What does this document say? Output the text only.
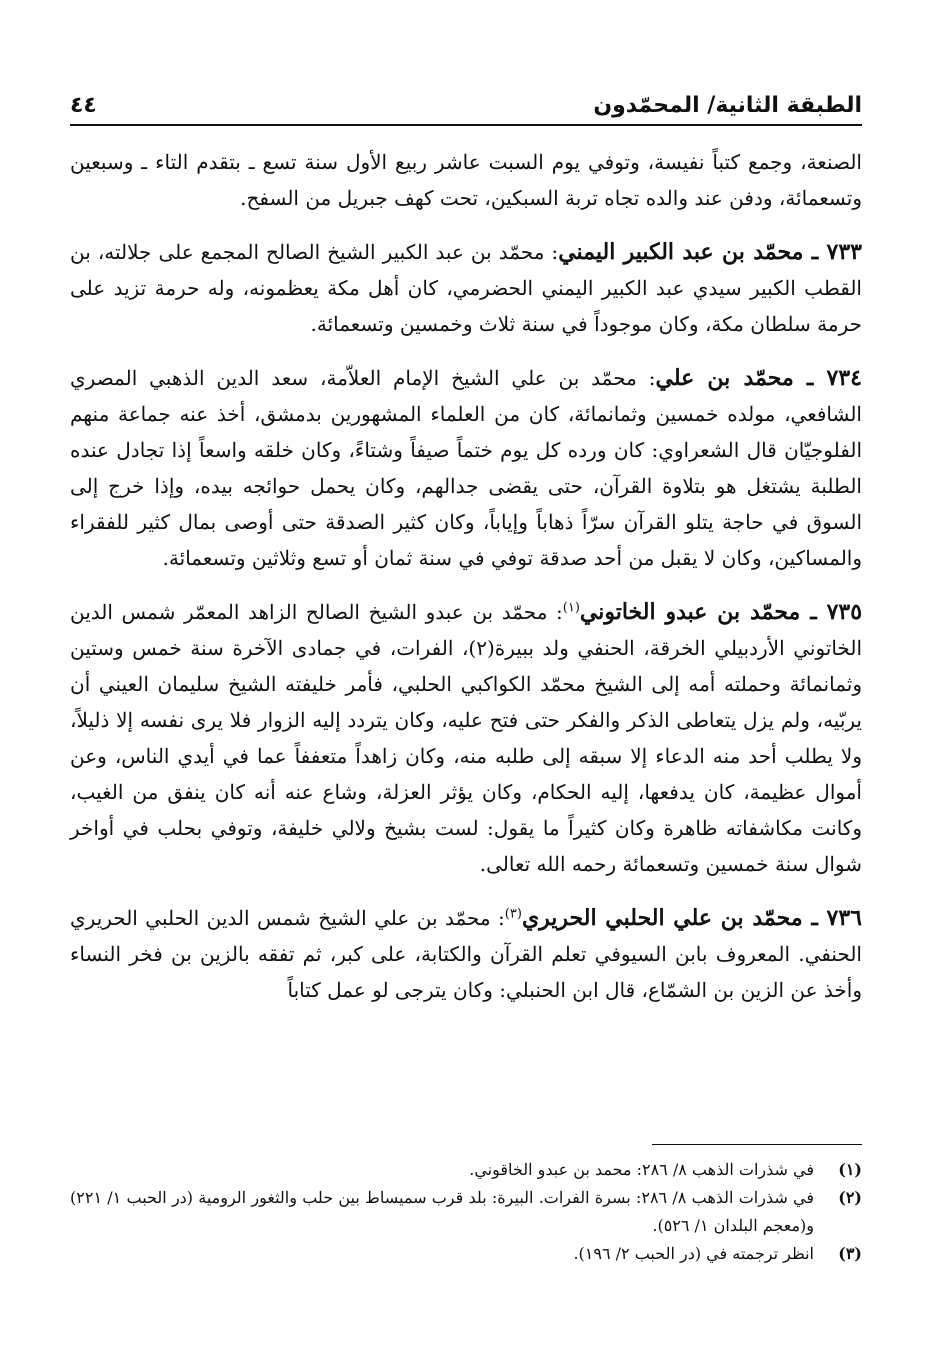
الطبقة الثانية/ المحمّدون
٤٤

الصنعة، وجمع كتباً نفيسة، وتوفي يوم السبت عاشر ربيع الأول سنة تسع ـ بتقدم التاء ـ وسبعين وتسعمائة، ودفن عند والده تجاه تربة السبكين، تحت كهف جبريل من السفح.

٧٣٣ ـ محمّد بن عبد الكبير اليمني: محمّد بن عبد الكبير الشيخ الصالح المجمع على جلالته، بن القطب الكبير سيدي عبد الكبير اليمني الحضرمي، كان أهل مكة يعظمونه، وله حرمة تزيد على حرمة سلطان مكة، وكان موجوداً في سنة ثلاث وخمسين وتسعمائة.

٧٣٤ ـ محمّد بن علي: محمّد بن علي الشيخ الإمام العلاّمة، سعد الدين الذهبي المصري الشافعي، مولده خمسين وثمانمائة، كان من العلماء المشهورين بدمشق، أخذ عنه جماعة منهم الفلوجيّان قال الشعراوي: كان ورده كل يوم ختماً صيفاً وشتاءً، وكان خلقه واسعاً إذا تجادل عنده الطلبة يشتغل هو بتلاوة القرآن، حتى يقضى جدالهم، وكان يحمل حوائجه بيده، وإذا خرج إلى السوق في حاجة يتلو القرآن سرّاً ذهاباً وإياباً، وكان كثير الصدقة حتى أوصى بمال كثير للفقراء والمساكين، وكان لا يقبل من أحد صدقة توفي في سنة ثمان أو تسع وثلاثين وتسعمائة.

٧٣٥ ـ محمّد بن عبدو الخاتوني$^{(١)}$: محمّد بن عبدو الشيخ الصالح الزاهد المعمّر شمس الدين الخاتوني الأردبيلي الخرقة، الحنفي ولد ببيرة(٢)، الفرات، في جمادى الآخرة سنة خمس وستين وثمانمائة وحملته أمه إلى الشيخ محمّد الكواكبي الحلبي، فأمر خليفته الشيخ سليمان العيني أن يربّيه، ولم يزل يتعاطى الذكر والفكر حتى فتح عليه، وكان يتردد إليه الزوار فلا يرى نفسه إلا ذليلاً، ولا يطلب أحد منه الدعاء إلا سبقه إلى طلبه منه، وكان زاهداً متعففاً عما في أيدي الناس، وعن أموال عظيمة، كان يدفعها، إليه الحكام، وكان يؤثر العزلة، وشاع عنه أنه كان ينفق من الغيب، وكانت مكاشفاته ظاهرة وكان كثيراً ما يقول: لست بشيخ ولالي خليفة، وتوفي بحلب في أواخر شوال سنة خمسين وتسعمائة رحمه الله تعالى.

٧٣٦ ـ محمّد بن علي الحلبي الحريري$^{(٣)}$: محمّد بن علي الشيخ شمس الدين الحلبي الحريري الحنفي. المعروف بابن السيوفي تعلم القرآن والكتابة، على كبر، ثم تفقه بالزين بن فخر النساء وأخذ عن الزين بن الشمّاع، قال ابن الحنبلي: وكان يترجى لو عمل كتاباً

(١)
في شذرات الذهب ٨/ ٢٨٦: محمد بن عبدو الخاقوني.

(٢)
في شذرات الذهب ٨/ ٢٨٦: بسرة الفرات. البيرة: بلد قرب سميساط بين حلب والثغور الرومية (در الحبب ١/ ٢٢١) و(معجم البلدان ١/ ٥٢٦).

(٣)
انظر ترجمته في (در الحبب ٢/ ١٩٦).
